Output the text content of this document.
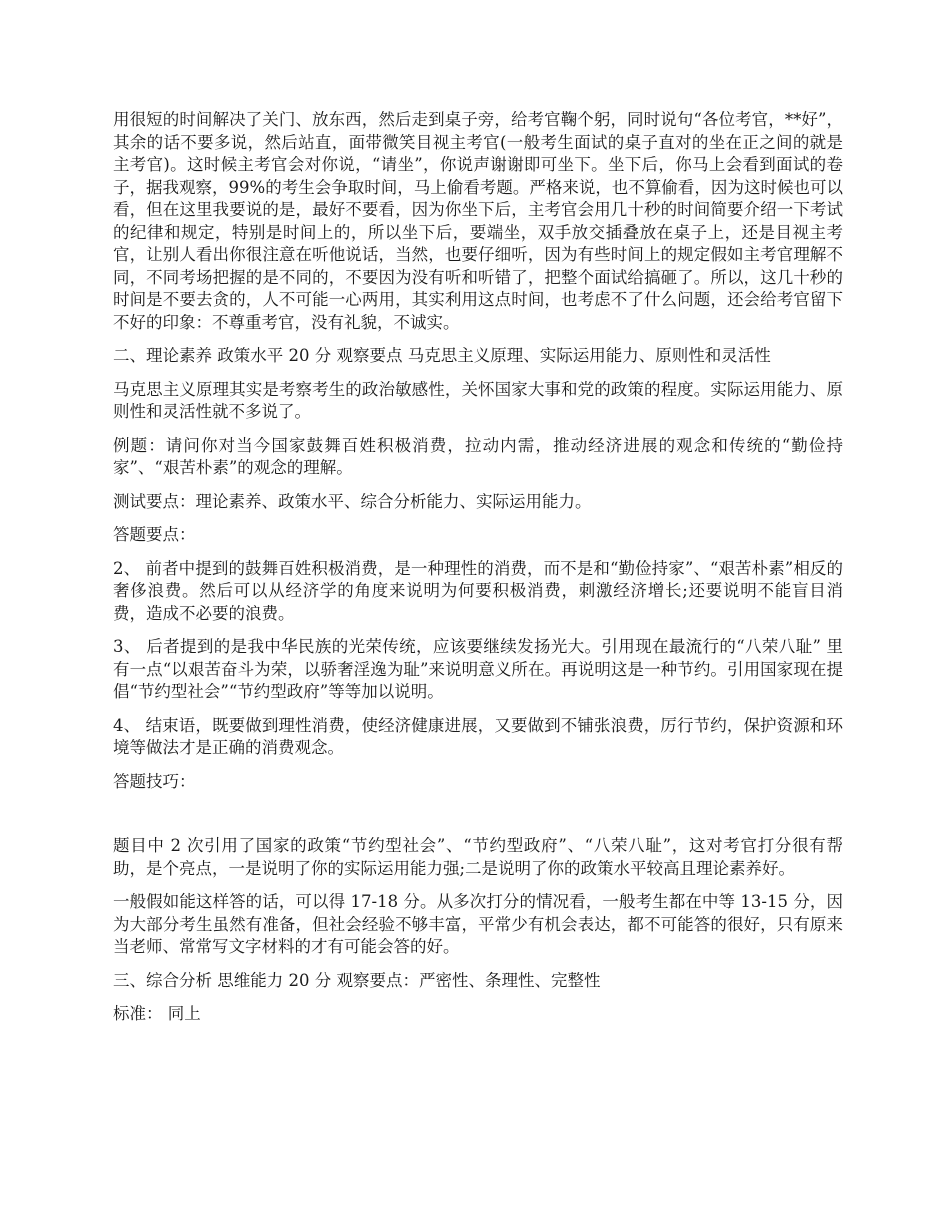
用很短的时间解决了关门、放东西，然后走到桌子旁，给考官鞠个躬，同时说句“各位考官，**好”，其余的话不要多说，然后站直，面带微笑目视主考官(一般考生面试的桌子直对的坐在正之间的就是主考官)。这时候主考官会对你说，“请坐”，你说声谢谢即可坐下。坐下后，你马上会看到面试的卷子，据我观察，99%的考生会争取时间，马上偷看考题。严格来说，也不算偷看，因为这时候也可以看，但在这里我要说的是，最好不要看，因为你坐下后，主考官会用几十秒的时间简要介绍一下考试的纪律和规定，特别是时间上的，所以坐下后，要端坐，双手放交插叠放在桌子上，还是目视主考官，让别人看出你很注意在听他说话，当然，也要仔细听，因为有些时间上的规定假如主考官理解不同，不同考场把握的是不同的，不要因为没有听和听错了，把整个面试给搞砸了。所以，这几十秒的时间是不要去贪的，人不可能一心两用，其实利用这点时间，也考虑不了什么问题，还会给考官留下不好的印象：不尊重考官，没有礼貌，不诚实。

二、理论素养 政策水平 20 分 观察要点 马克思主义原理、实际运用能力、原则性和灵活性

马克思主义原理其实是考察考生的政治敏感性，关怀国家大事和党的政策的程度。实际运用能力、原则性和灵活性就不多说了。

例题：请问你对当今国家鼓舞百姓积极消费，拉动内需，推动经济进展的观念和传统的“勤俭持家”、“艰苦朴素”的观念的理解。

测试要点：理论素养、政策水平、综合分析能力、实际运用能力。

答题要点：

2、 前者中提到的鼓舞百姓积极消费，是一种理性的消费，而不是和“勤俭持家”、“艰苦朴素”相反的奢侈浪费。然后可以从经济学的角度来说明为何要积极消费，刺激经济增长;还要说明不能盲目消费，造成不必要的浪费。

3、 后者提到的是我中华民族的光荣传统，应该要继续发扬光大。引用现在最流行的“八荣八耻” 里有一点“以艰苦奋斗为荣，以骄奢淫逸为耻”来说明意义所在。再说明这是一种节约。引用国家现在提倡“节约型社会”“节约型政府”等等加以说明。

4、 结束语，既要做到理性消费，使经济健康进展，又要做到不铺张浪费，厉行节约，保护资源和环境等做法才是正确的消费观念。

答题技巧：

题目中 2 次引用了国家的政策“节约型社会”、“节约型政府”、“八荣八耻”，这对考官打分很有帮助，是个亮点，一是说明了你的实际运用能力强;二是说明了你的政策水平较高且理论素养好。

一般假如能这样答的话，可以得 17-18 分。从多次打分的情况看，一般考生都在中等 13-15 分，因为大部分考生虽然有准备，但社会经验不够丰富，平常少有机会表达，都不可能答的很好，只有原来当老师、常常写文字材料的才有可能会答的好。

三、综合分析 思维能力 20 分 观察要点：严密性、条理性、完整性

标准： 同上
